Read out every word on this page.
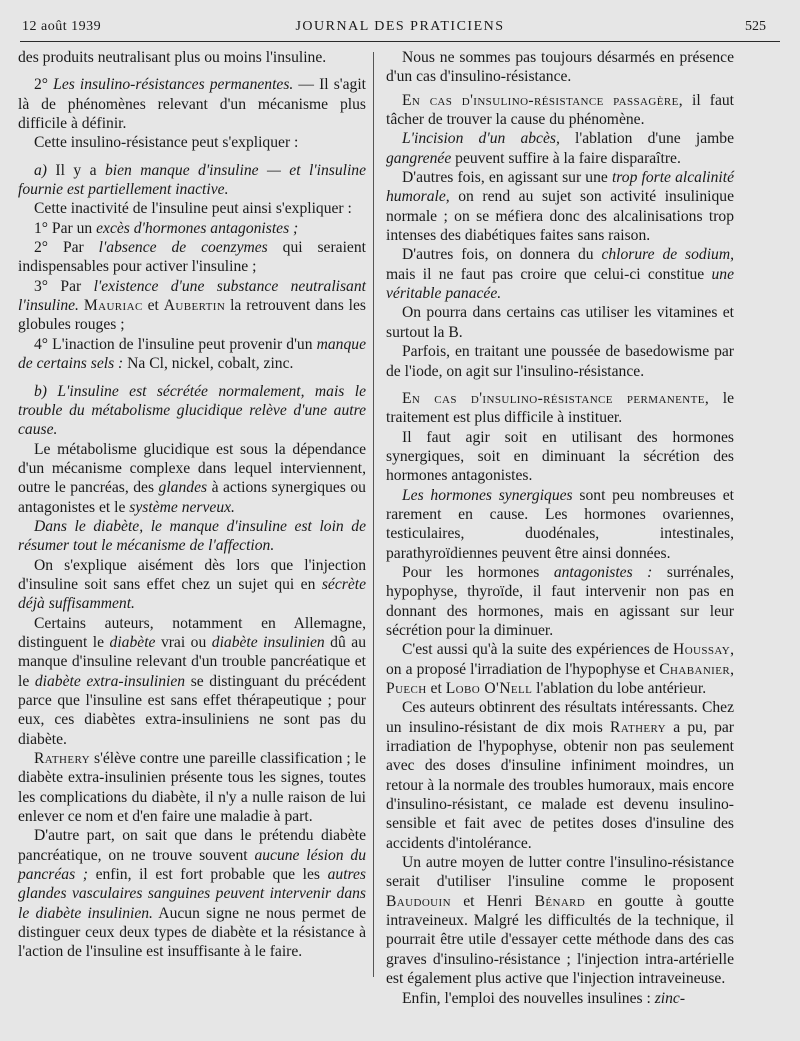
12 août 1939	JOURNAL DES PRATICIENS	525

des produits neutralisant plus ou moins l'insuline.

2° Les insulino-résistances permanentes. — Il s'agit là de phénomènes relevant d'un mécanisme plus difficile à définir.

Cette insulino-résistance peut s'expliquer :

a) Il y a bien manque d'insuline — et l'insuline fournie est partiellement inactive.

Cette inactivité de l'insuline peut ainsi s'expliquer :

1° Par un excès d'hormones antagonistes ;

2° Par l'absence de coenzymes qui seraient indispensables pour activer l'insuline ;

3° Par l'existence d'une substance neutralisant l'insuline. Mauriac et Aubertin la retrouvent dans les globules rouges ;

4° L'inaction de l'insuline peut provenir d'un manque de certains sels : Na Cl, nickel, cobalt, zinc.

b) L'insuline est sécrétée normalement, mais le trouble du métabolisme glucidique relève d'une autre cause.

Le métabolisme glucidique est sous la dépendance d'un mécanisme complexe dans lequel interviennent, outre le pancréas, des glandes à actions synergiques ou antagonistes et le système nerveux.

Dans le diabète, le manque d'insuline est loin de résumer tout le mécanisme de l'affection.

On s'explique aisément dès lors que l'injection d'insuline soit sans effet chez un sujet qui en sécrète déjà suffisamment.

Certains auteurs, notamment en Allemagne, distinguent le diabète vrai ou diabète insulinien dû au manque d'insuline relevant d'un trouble pancréatique et le diabète extra-insulinien se distinguant du précédent parce que l'insuline est sans effet thérapeutique ; pour eux, ces diabètes extra-insuliniens ne sont pas du diabète.

Rathery s'élève contre une pareille classification ; le diabète extra-insulinien présente tous les signes, toutes les complications du diabète, il n'y a nulle raison de lui enlever ce nom et d'en faire une maladie à part.

D'autre part, on sait que dans le prétendu diabète pancréatique, on ne trouve souvent aucune lésion du pancréas ; enfin, il est fort probable que les autres glandes vasculaires sanguines peuvent intervenir dans le diabète insulinien. Aucun signe ne nous permet de distinguer ceux deux types de diabète et la résistance à l'action de l'insuline est insuffisante à le faire.

Nous ne sommes pas toujours désarmés en présence d'un cas d'insulino-résistance.

En cas d'insulino-résistance passagère, il faut tâcher de trouver la cause du phénomène.

L'incision d'un abcès, l'ablation d'une jambe gangrenée peuvent suffire à la faire disparaître.

D'autres fois, en agissant sur une trop forte alcalinité humorale, on rend au sujet son activité insulinique normale ; on se méfiera donc des alcalinisations trop intenses des diabétiques faites sans raison.

D'autres fois, on donnera du chlorure de sodium, mais il ne faut pas croire que celui-ci constitue une véritable panacée.

On pourra dans certains cas utiliser les vitamines et surtout la B.

Parfois, en traitant une poussée de basedowisme par de l'iode, on agit sur l'insulino-résistance.

En cas d'insulino-résistance permanente, le traitement est plus difficile à instituer.

Il faut agir soit en utilisant des hormones synergiques, soit en diminuant la sécrétion des hormones antagonistes.

Les hormones synergiques sont peu nombreuses et rarement en cause. Les hormones ovariennes, testiculaires, duodénales, intestinales, parathyroïdiennes peuvent être ainsi données.

Pour les hormones antagonistes : surrénales, hypophyse, thyroïde, il faut intervenir non pas en donnant des hormones, mais en agissant sur leur sécrétion pour la diminuer.

C'est aussi qu'à la suite des expériences de Houssay, on a proposé l'irradiation de l'hypophyse et Chabanier, Puech et Lobo O'Nell l'ablation du lobe antérieur.

Ces auteurs obtinrent des résultats intéressants. Chez un insulino-résistant de dix mois Rathery a pu, par irradiation de l'hypophyse, obtenir non pas seulement avec des doses d'insuline infiniment moindres, un retour à la normale des troubles humoraux, mais encore d'insulino-résistant, ce malade est devenu insulino-sensible et fait avec de petites doses d'insuline des accidents d'intolérance.

Un autre moyen de lutter contre l'insulino-résistance serait d'utiliser l'insuline comme le proposent Baudouin et Henri Bénard en goutte à goutte intraveineux. Malgré les difficultés de la technique, il pourrait être utile d'essayer cette méthode dans des cas graves d'insulino-résistance ; l'injection intra-artérielle est également plus active que l'injection intraveineuse.

Enfin, l'emploi des nouvelles insulines : zinc-
